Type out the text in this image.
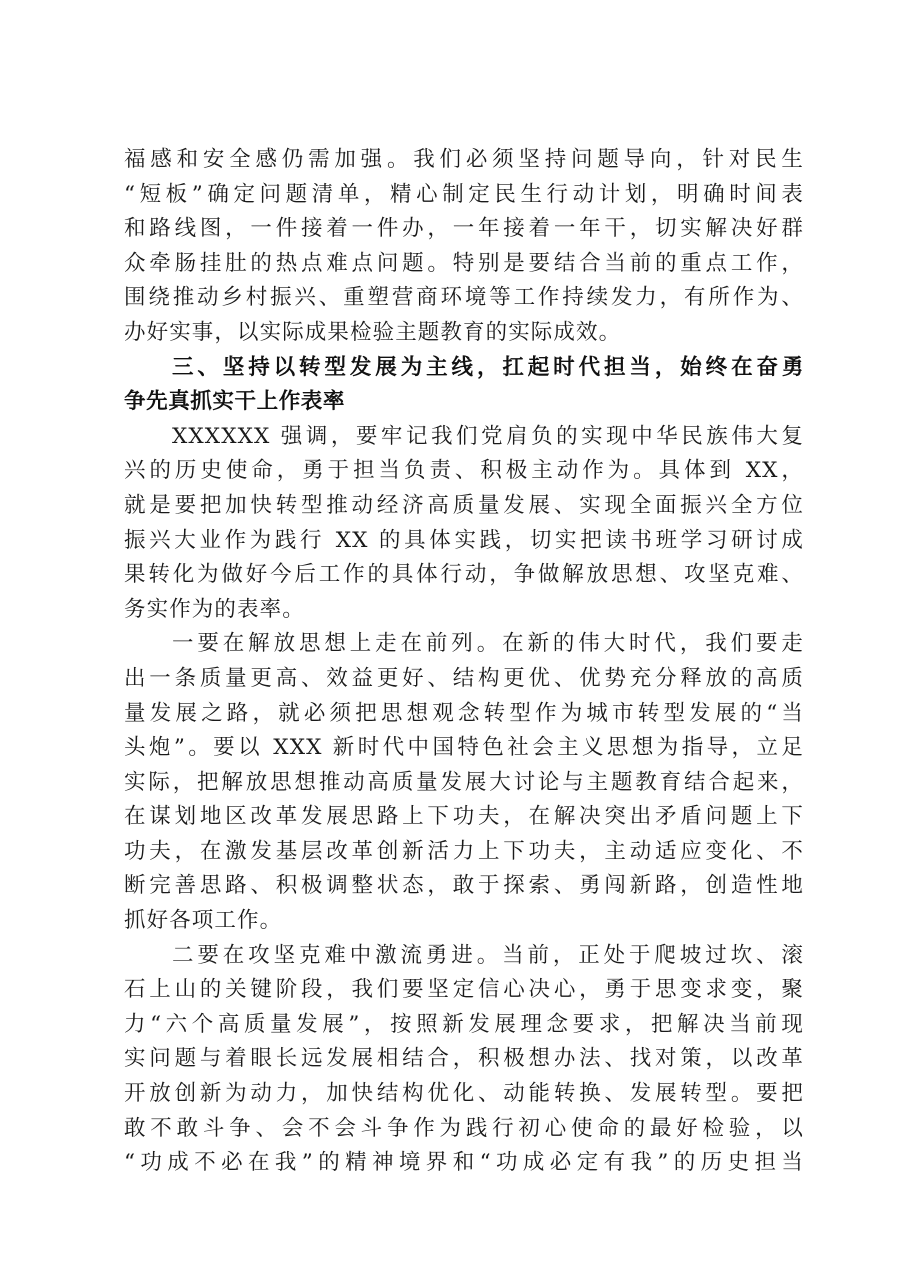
福感和安全感仍需加强。我们必须坚持问题导向，针对民生
“短板”确定问题清单，精心制定民生行动计划，明确时间表
和路线图，一件接着一件办，一年接着一年干，切实解决好群
众牵肠挂肚的热点难点问题。特别是要结合当前的重点工作，
围绕推动乡村振兴、重塑营商环境等工作持续发力，有所作为、
办好实事，以实际成果检验主题教育的实际成效。
三、坚持以转型发展为主线，扛起时代担当，始终在奋勇
争先真抓实干上作表率
XXXXXX 强调，要牢记我们党肩负的实现中华民族伟大复
兴的历史使命，勇于担当负责、积极主动作为。具体到 XX，
就是要把加快转型推动经济高质量发展、实现全面振兴全方位
振兴大业作为践行 XX 的具体实践，切实把读书班学习研讨成
果转化为做好今后工作的具体行动，争做解放思想、攻坚克难、
务实作为的表率。
一要在解放思想上走在前列。在新的伟大时代，我们要走
出一条质量更高、效益更好、结构更优、优势充分释放的高质
量发展之路，就必须把思想观念转型作为城市转型发展的“当
头炮”。要以 XXX 新时代中国特色社会主义思想为指导，立足
实际，把解放思想推动高质量发展大讨论与主题教育结合起来，
在谋划地区改革发展思路上下功夫，在解决突出矛盾问题上下
功夫，在激发基层改革创新活力上下功夫，主动适应变化、不
断完善思路、积极调整状态，敢于探索、勇闯新路，创造性地
抓好各项工作。
二要在攻坚克难中激流勇进。当前，正处于爬坡过坎、滚
石上山的关键阶段，我们要坚定信心决心，勇于思变求变，聚
力“六个高质量发展”，按照新发展理念要求，把解决当前现
实问题与着眼长远发展相结合，积极想办法、找对策，以改革
开放创新为动力，加快结构优化、动能转换、发展转型。要把
敢不敢斗争、会不会斗争作为践行初心使命的最好检验，以
“功成不必在我”的精神境界和“功成必定有我”的历史担当
